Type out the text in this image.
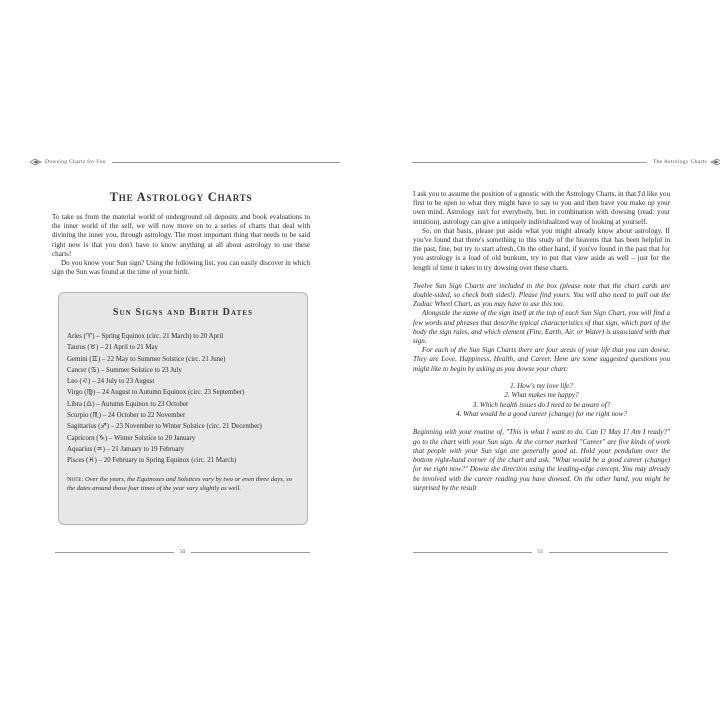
Dowsing Charts for Fun
The Astrology Charts

To take us from the material world of underground oil deposits and book evaluations to the inner world of the self, we will now move on to a series of charts that deal with divining the inner you, through astrology. The most important thing that needs to be said right now is that you don't have to know anything at all about astrology to use these charts!

Do you know your Sun sign? Using the following list, you can easily discover in which sign the Sun was found at the time of your birth.

Sun Signs and Birth Dates
Aries (♈) – Spring Equinox (circ. 21 March) to 20 April
Taurus (♉) – 21 April to 21 May
Gemini (♊) – 22 May to Summer Solstice (circ. 21 June)
Cancer (♋) – Summer Solstice to 23 July
Leo (♌) – 24 July to 23 August
Virgo (♍) – 24 August to Autumn Equinox (circ. 23 September)
Libra (♎) – Autumn Equinox to 23 October
Scorpio (♏) – 24 October to 22 November
Sagittarius (♐) – 23 November to Winter Solstice (circ. 21 December)
Capricorn (♑) – Winter Solstice to 20 January
Aquarius (♒) – 21 January to 19 February
Pisces (♓) – 20 February to Spring Equinox (circ. 21 March)

Note: Over the years, the Equinoxes and Solstices vary by two or even three days, so the dates around those four times of the year vary slightly as well.

50
The Astrology Charts

I ask you to assume the position of a gnostic with the Astrology Charts, in that I'd like you first to be open to what they might have to say to you and then have you make up your own mind. Astrology isn't for everybody, but, in combination with dowsing (read: your intuition), astrology can give a uniquely individualized way of looking at yourself.

So, on that basis, please put aside what you might already know about astrology. If you've found that there's something to this study of the heavens that has been helpful in the past, fine, but try to start afresh. On the other hand, if you've found in the past that for you astrology is a load of old bunkum, try to put that view aside as well – just for the length of time it takes to try dowsing over these charts.

Twelve Sun Sign Charts are included in the box (please note that the chart cards are double-sided, so check both sides!). Please find yours. You will also need to pull out the Zodiac Wheel Chart, as you may have to use this too.

Alongside the name of the sign itself at the top of each Sun Sign Chart, you will find a few words and phrases that describe typical characteristics of that sign, which part of the body the sign rules, and which element (Fire, Earth, Air, or Water) is associated with that sign.

For each of the Sun Sign Charts there are four areas of your life that you can dowse. They are Love, Happiness, Health, and Career. Here are some suggested questions you might like to begin by asking as you dowse your chart:

1. How's my love life?
2. What makes me happy?
3. Which health issues do I need to be aware of?
4. What would be a good career (change) for me right now?

Beginning with your routine of, "This is what I want to do. Can I? May I? Am I ready?" go to the chart with your Sun sign. At the corner marked "Career" are five kinds of work that people with your Sun sign are generally good at. Hold your pendulum over the bottom right-hand corner of the chart and ask, "What would be a good career (change) for me right now?" Dowse the direction using the leading-edge concept. You may already be involved with the career reading you have dowsed. On the other hand, you might be surprised by the result

51
